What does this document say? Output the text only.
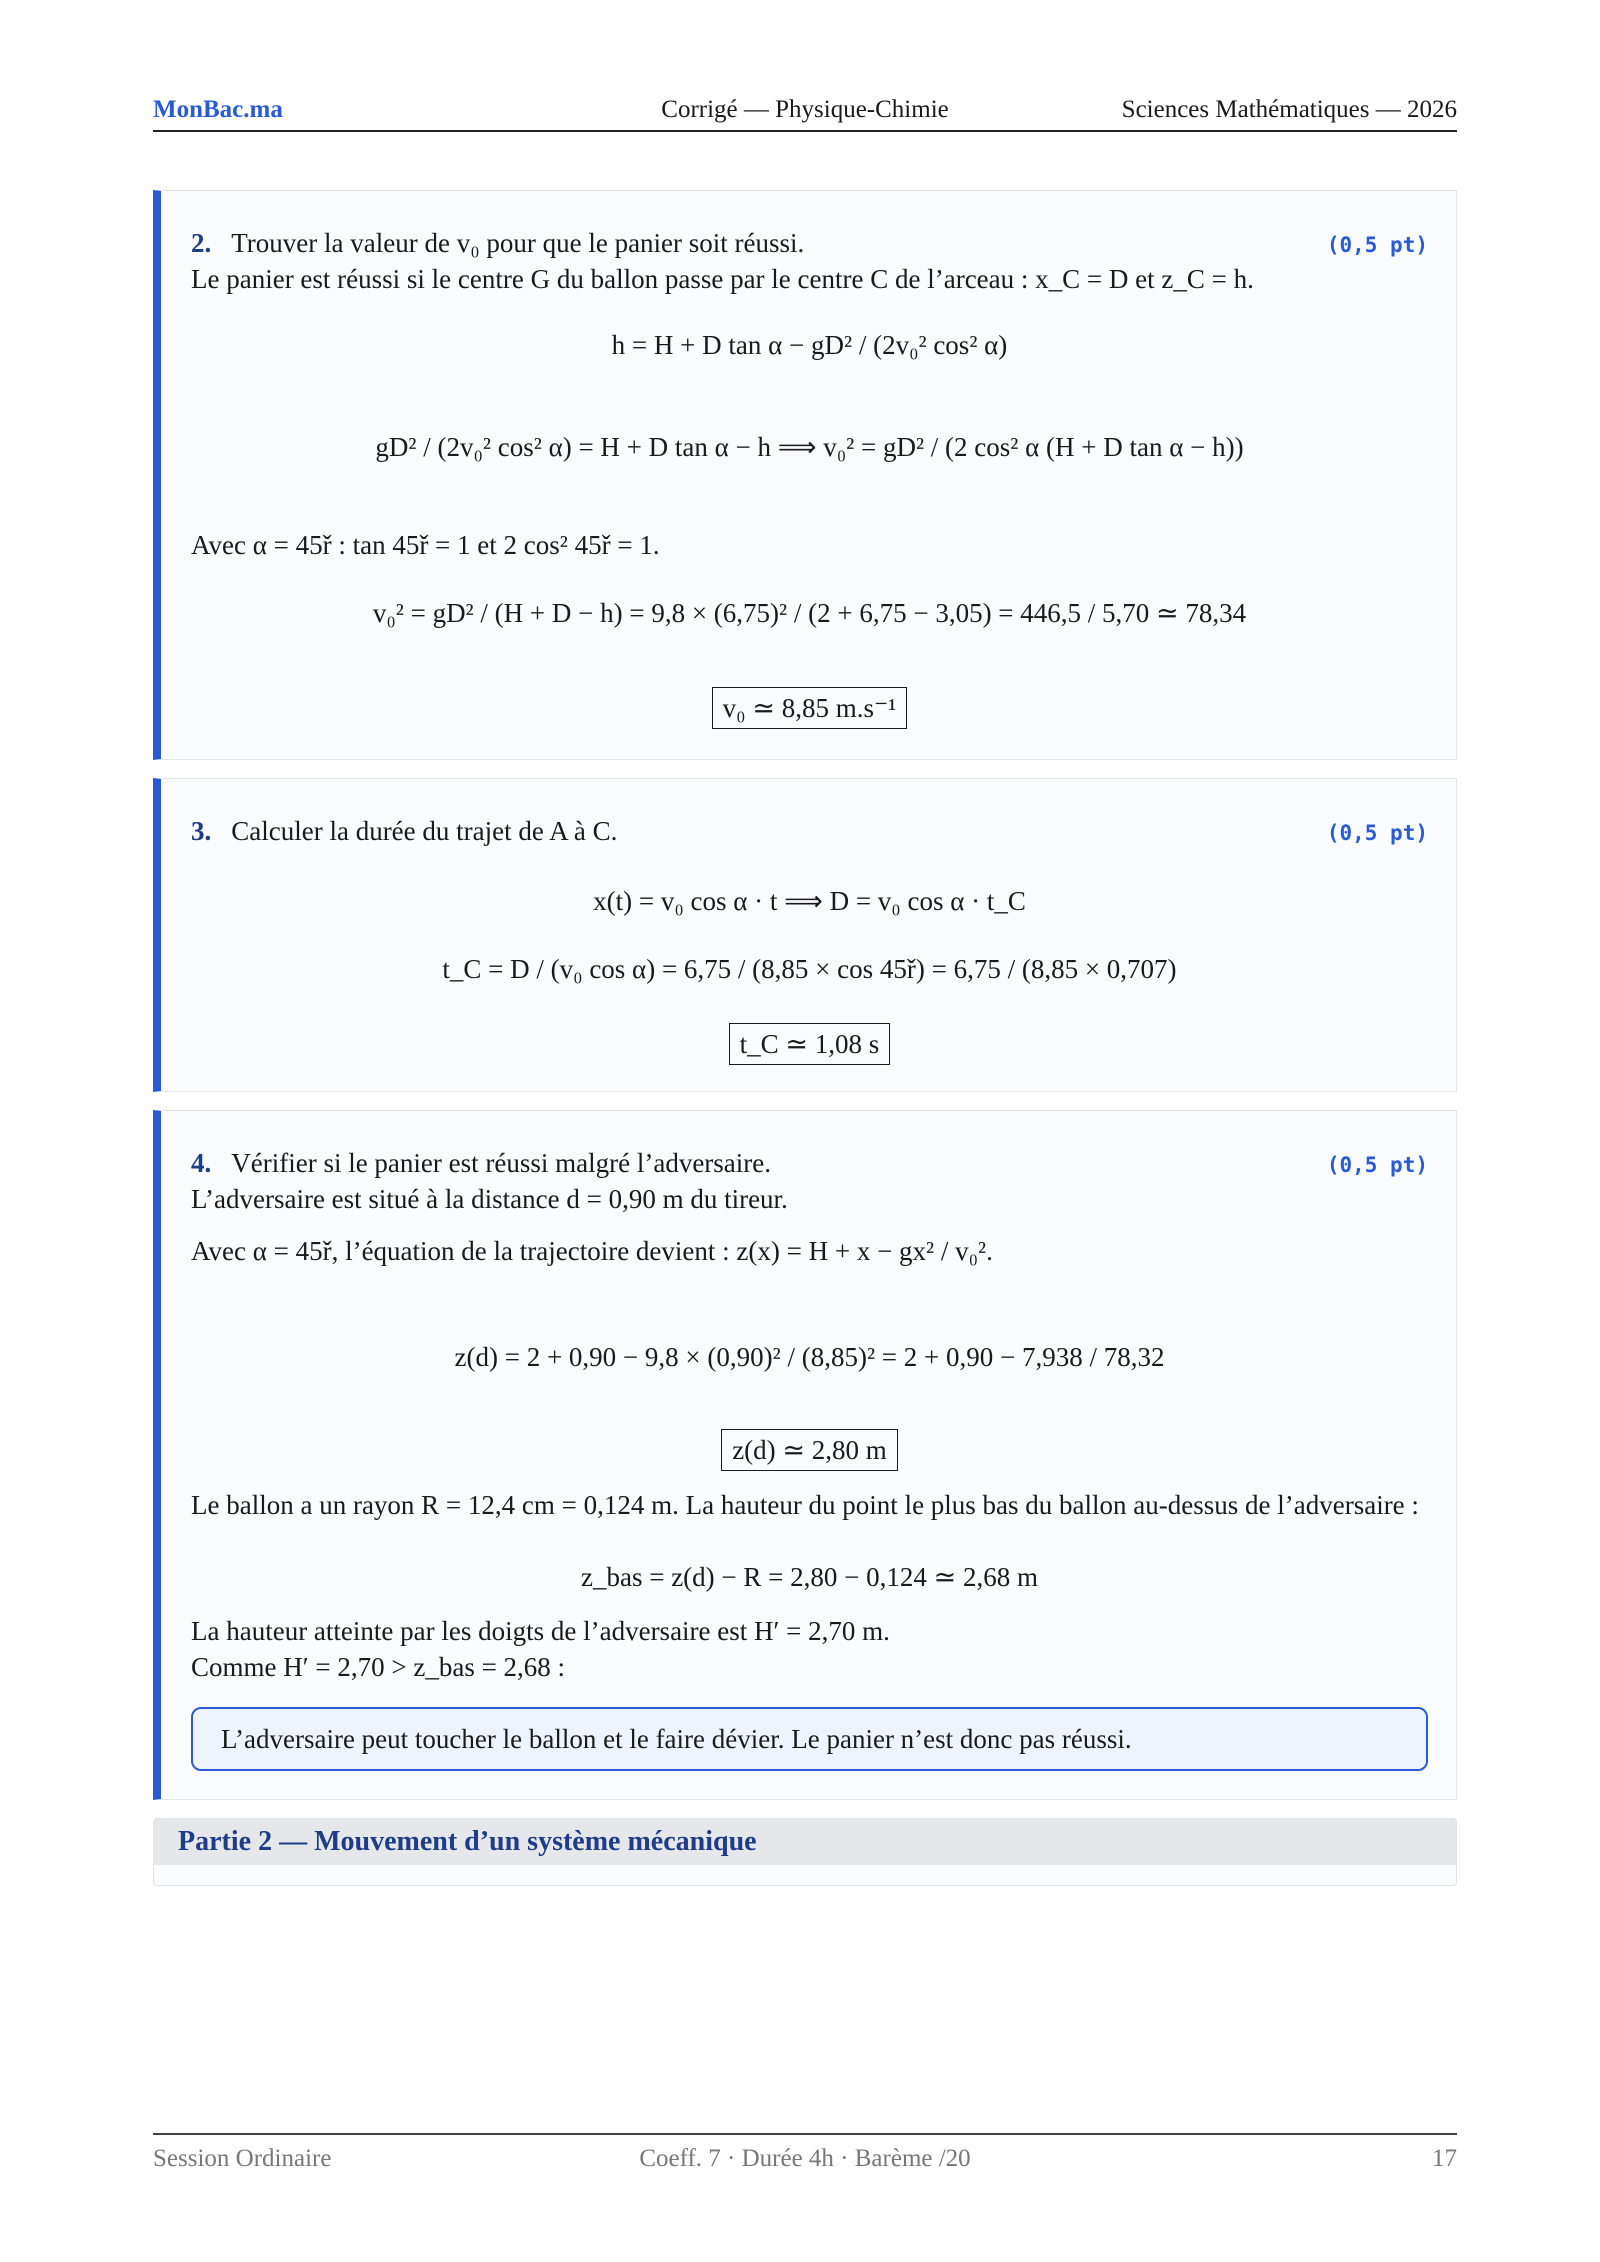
MonBac.ma	Corrigé — Physique-Chimie	Sciences Mathématiques — 2026
2. Trouver la valeur de v₀ pour que le panier soit réussi.	(0,5 pt)
Le panier est réussi si le centre G du ballon passe par le centre C de l’arceau : x_C = D et z_C = h.
h = H + D tan α − gD² / (2v₀² cos² α)
gD² / (2v₀² cos² α) = H + D tan α − h ⟹ v₀² = gD² / (2 cos² α (H + D tan α − h))
Avec α = 45ř : tan 45ř = 1 et 2 cos² 45ř = 1.
v₀² = gD² / (H + D − h) = 9,8 × (6,75)² / (2 + 6,75 − 3,05) = 446,5 / 5,70 ≃ 78,34
v₀ ≃ 8,85 m.s⁻¹
3. Calculer la durée du trajet de A à C.	(0,5 pt)
x(t) = v₀ cos α · t ⟹ D = v₀ cos α · t_C
t_C = D / (v₀ cos α) = 6,75 / (8,85 × cos 45ř) = 6,75 / (8,85 × 0,707)
t_C ≃ 1,08 s
4. Vérifier si le panier est réussi malgré l’adversaire.	(0,5 pt)
L’adversaire est situé à la distance d = 0,90 m du tireur.
Avec α = 45ř, l’équation de la trajectoire devient : z(x) = H + x − gx² / v₀².
z(d) = 2 + 0,90 − 9,8 × (0,90)² / (8,85)² = 2 + 0,90 − 7,938 / 78,32
z(d) ≃ 2,80 m
Le ballon a un rayon R = 12,4 cm = 0,124 m. La hauteur du point le plus bas du ballon au-dessus de l’adversaire :
z_bas = z(d) − R = 2,80 − 0,124 ≃ 2,68 m
La hauteur atteinte par les doigts de l’adversaire est H′ = 2,70 m.
Comme H′ = 2,70 > z_bas = 2,68 :
L’adversaire peut toucher le ballon et le faire dévier. Le panier n’est donc pas réussi.
Partie 2 — Mouvement d’un système mécanique
Session Ordinaire	Coeff. 7 · Durée 4h · Barème /20	17
